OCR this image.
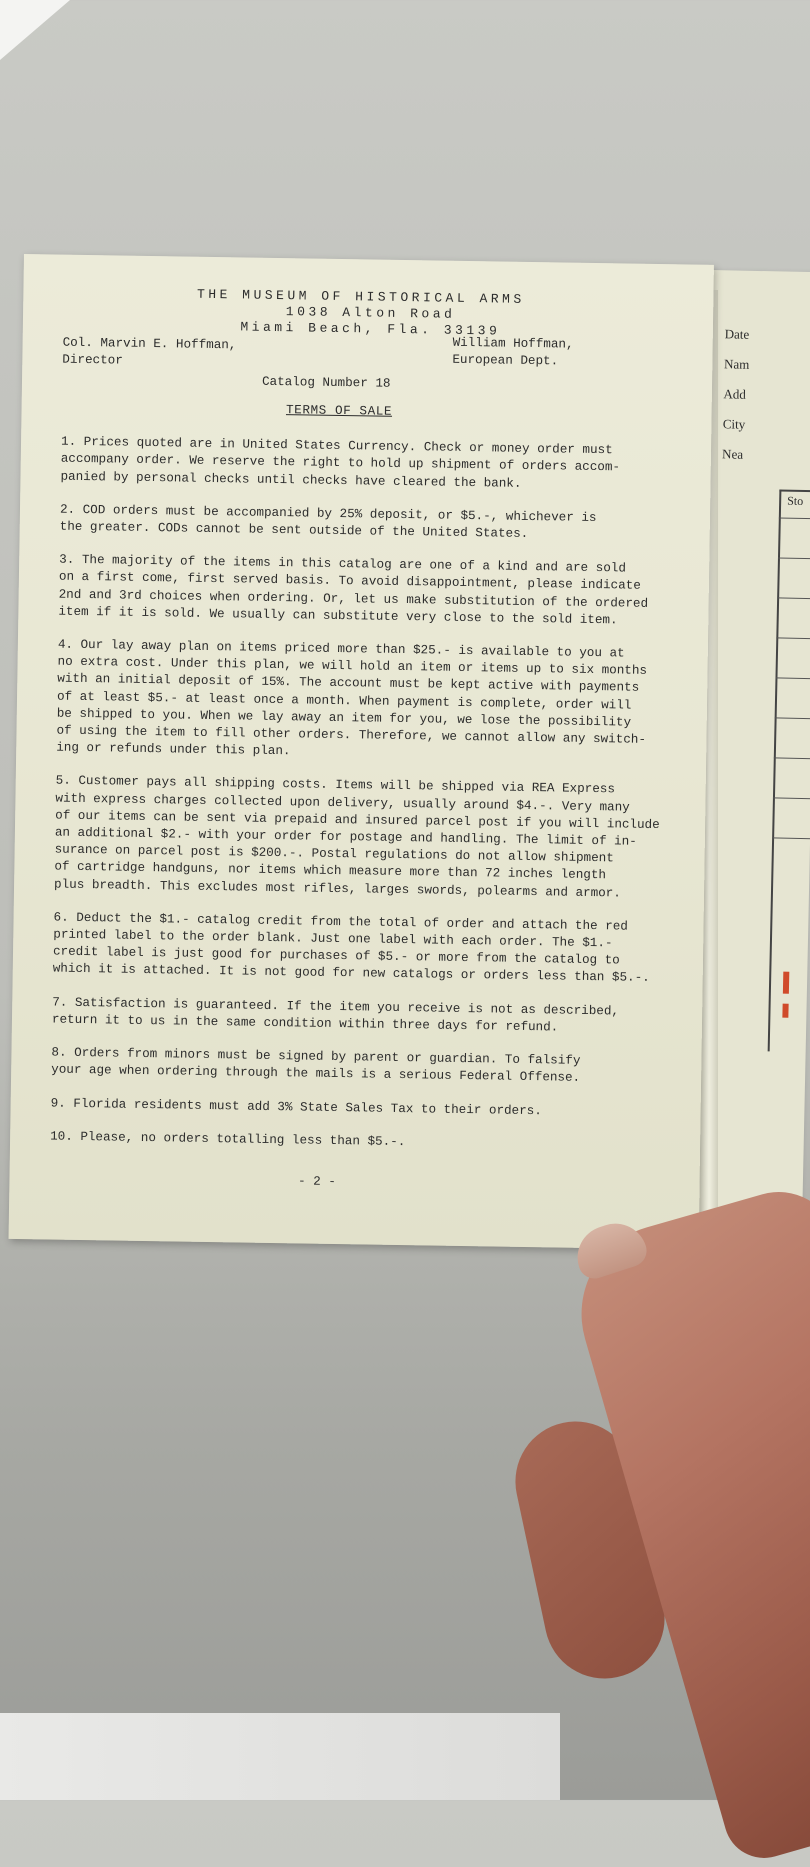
Date
Nam
Add
City
Nea
Sto
THE MUSEUM OF HISTORICAL ARMS
1038 Alton Road
Miami Beach, Fla. 33139
Col. Marvin E. Hoffman,
Director
William Hoffman,
European Dept.
Catalog Number 18
TERMS OF SALE
1. Prices quoted are in United States Currency. Check or money order must
accompany order. We reserve the right to hold up shipment of orders accom-
panied by personal checks until checks have cleared the bank.
2. COD orders must be accompanied by 25% deposit, or $5.-, whichever is
the greater. CODs cannot be sent outside of the United States.
3. The majority of the items in this catalog are one of a kind and are sold
on a first come, first served basis. To avoid disappointment, please indicate
2nd and 3rd choices when ordering. Or, let us make substitution of the ordered
item if it is sold. We usually can substitute very close to the sold item.
4. Our lay away plan on items priced more than $25.- is available to you at
no extra cost. Under this plan, we will hold an item or items up to six months
with an initial deposit of 15%. The account must be kept active with payments
of at least $5.- at least once a month. When payment is complete, order will
be shipped to you. When we lay away an item for you, we lose the possibility
of using the item to fill other orders. Therefore, we cannot allow any switch-
ing or refunds under this plan.
5. Customer pays all shipping costs. Items will be shipped via REA Express
with express charges collected upon delivery, usually around $4.-. Very many
of our items can be sent via prepaid and insured parcel post if you will include
an additional $2.- with your order for postage and handling. The limit of in-
surance on parcel post is $200.-. Postal regulations do not allow shipment
of cartridge handguns, nor items which measure more than 72 inches length
plus breadth. This excludes most rifles, larges swords, polearms and armor.
6. Deduct the $1.- catalog credit from the total of order and attach the red
printed label to the order blank. Just one label with each order. The $1.-
credit label is just good for purchases of $5.- or more from the catalog to
which it is attached. It is not good for new catalogs or orders less than $5.-.
7. Satisfaction is guaranteed. If the item you receive is not as described,
return it to us in the same condition within three days for refund.
8. Orders from minors must be signed by parent or guardian. To falsify
your age when ordering through the mails is a serious Federal Offense.
9. Florida residents must add 3% State Sales Tax to their orders.
10. Please, no orders totalling less than $5.-.
- 2 -
